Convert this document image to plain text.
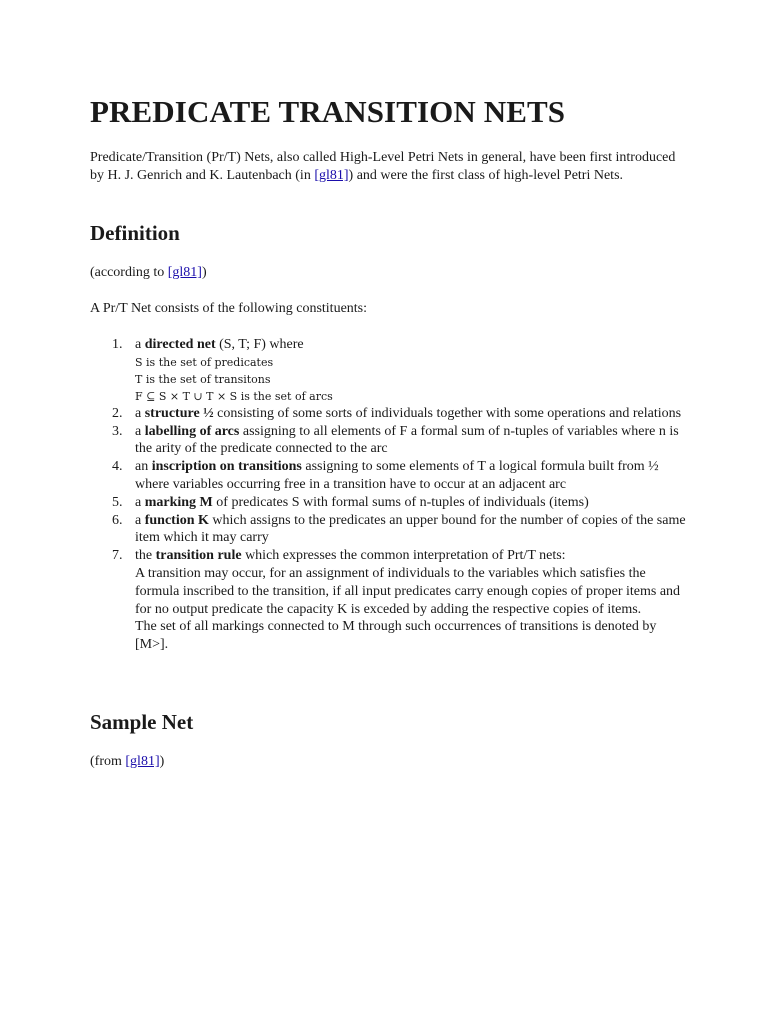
PREDICATE TRANSITION NETS

Predicate/Transition (Pr/T) Nets, also called High-Level Petri Nets in general, have been first introduced by H. J. Genrich and K. Lautenbach (in [gl81]) and were the first class of high-level Petri Nets.

Definition

(according to [gl81])

A Pr/T Net consists of the following constituents:

1. a directed net (S, T; F) where
S is the set of predicates
T is the set of transitons
F ⊆ S × T ∪ T × S is the set of arcs
2. a structure ½ consisting of some sorts of individuals together with some operations and relations
3. a labelling of arcs assigning to all elements of F a formal sum of n-tuples of variables where n is the arity of the predicate connected to the arc
4. an inscription on transitions assigning to some elements of T a logical formula built from ½ where variables occurring free in a transition have to occur at an adjacent arc
5. a marking M of predicates S with formal sums of n-tuples of individuals (items)
6. a function K which assigns to the predicates an upper bound for the number of copies of the same item which it may carry
7. the transition rule which expresses the common interpretation of Prt/T nets:
A transition may occur, for an assignment of individuals to the variables which satisfies the formula inscribed to the transition, if all input predicates carry enough copies of proper items and for no output predicate the capacity K is exceded by adding the respective copies of items.
The set of all markings connected to M through such occurrences of transitions is denoted by [M>].
Sample Net

(from [gl81])
